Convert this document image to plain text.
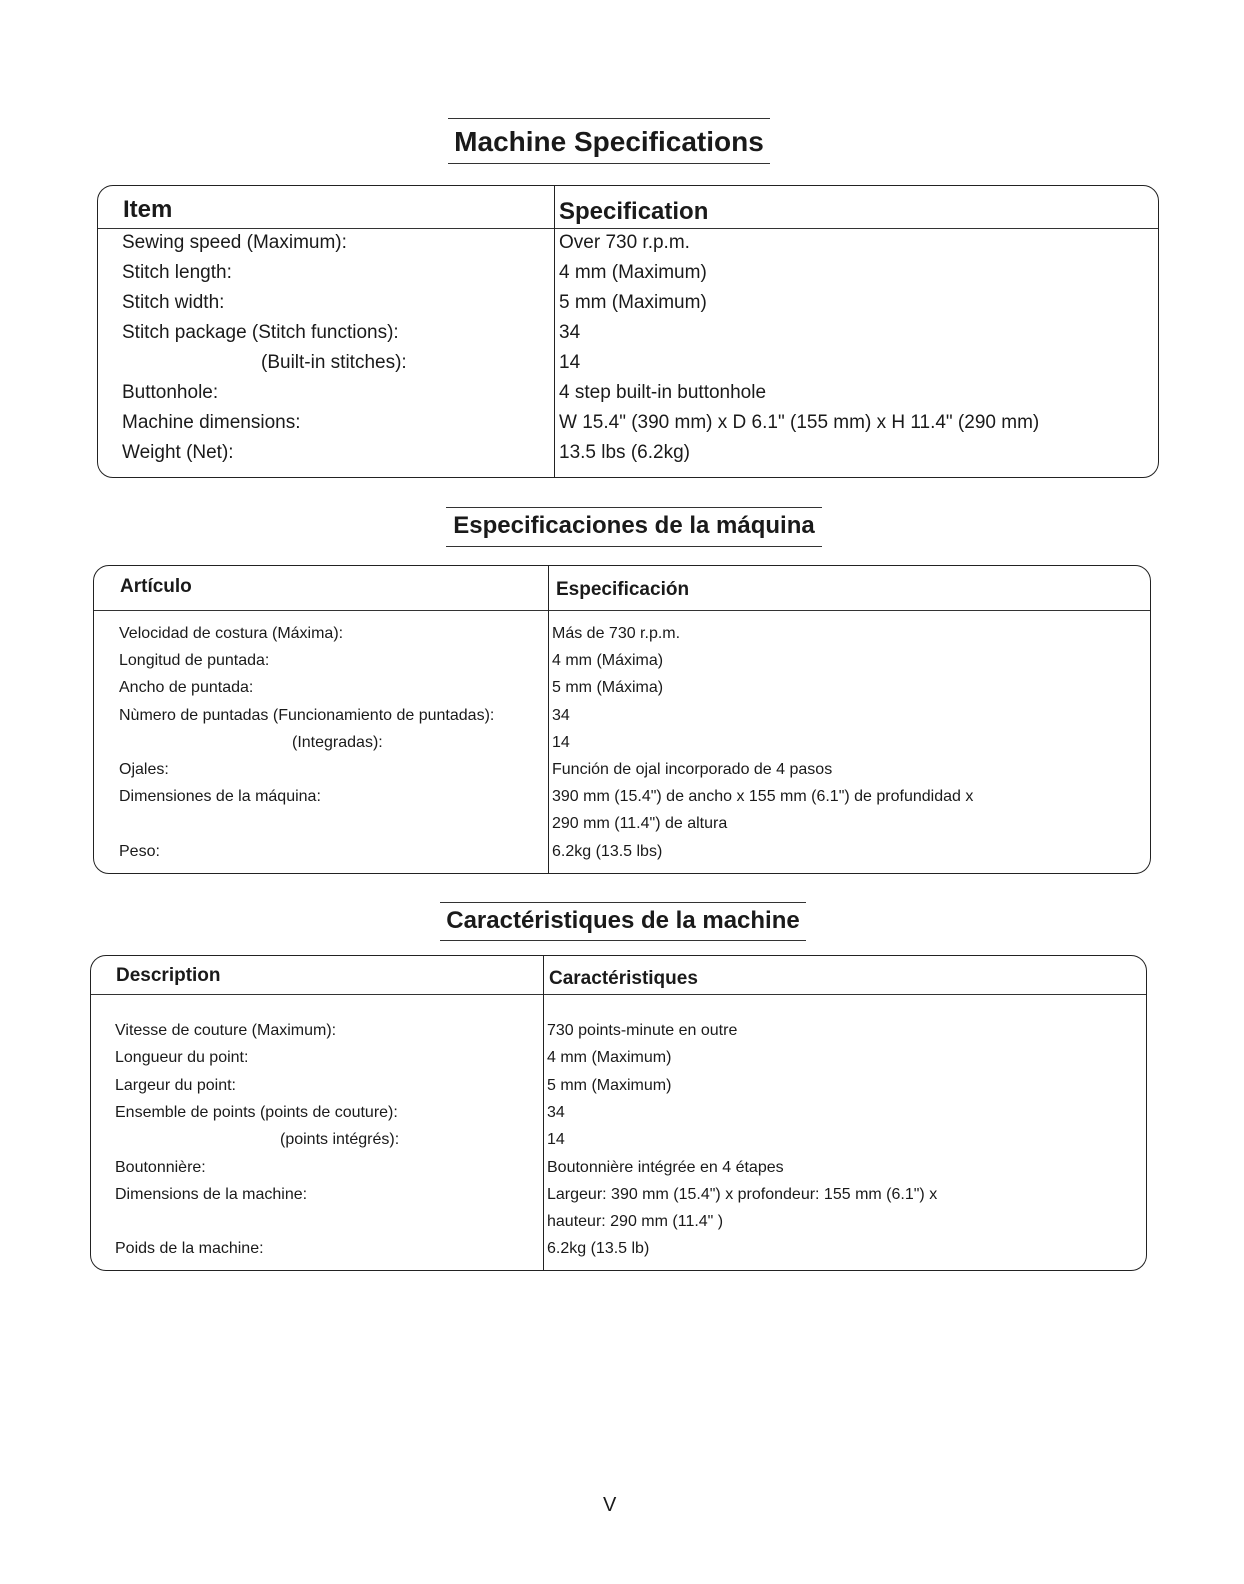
Machine Specifications
Item	Specification
Sewing speed (Maximum):	Over 730 r.p.m.
Stitch length:	4 mm (Maximum)
Stitch width:	5 mm (Maximum)
Stitch package (Stitch functions):	34
(Built-in stitches):	14
Buttonhole:	4 step built-in buttonhole
Machine dimensions:	W 15.4" (390 mm) x D 6.1" (155 mm) x H 11.4" (290 mm)
Weight (Net):	13.5 lbs (6.2kg)
Especificaciones de la máquina
Artículo	Especificación
Velocidad de costura (Máxima):	Más de 730 r.p.m.
Longitud de puntada:	4 mm (Máxima)
Ancho de puntada:	5 mm (Máxima)
Nùmero de puntadas (Funcionamiento de puntadas):	34
(Integradas):	14
Ojales:	Función de ojal incorporado de 4 pasos
Dimensiones de la máquina:	390 mm (15.4") de ancho x 155 mm (6.1") de profundidad x
290 mm (11.4") de altura
Peso:	6.2kg (13.5 lbs)
Caractéristiques de la machine
Description	Caractéristiques
Vitesse de couture (Maximum):	730 points-minute en outre
Longueur du point:	4 mm (Maximum)
Largeur du point:	5 mm (Maximum)
Ensemble de points (points de couture):	34
(points intégrés):	14
Boutonnière:	Boutonnière intégrée en 4 étapes
Dimensions de la machine:	Largeur: 390 mm (15.4") x profondeur: 155 mm (6.1") x
hauteur: 290 mm (11.4" )
Poids de la machine:	6.2kg (13.5 lb)
V
